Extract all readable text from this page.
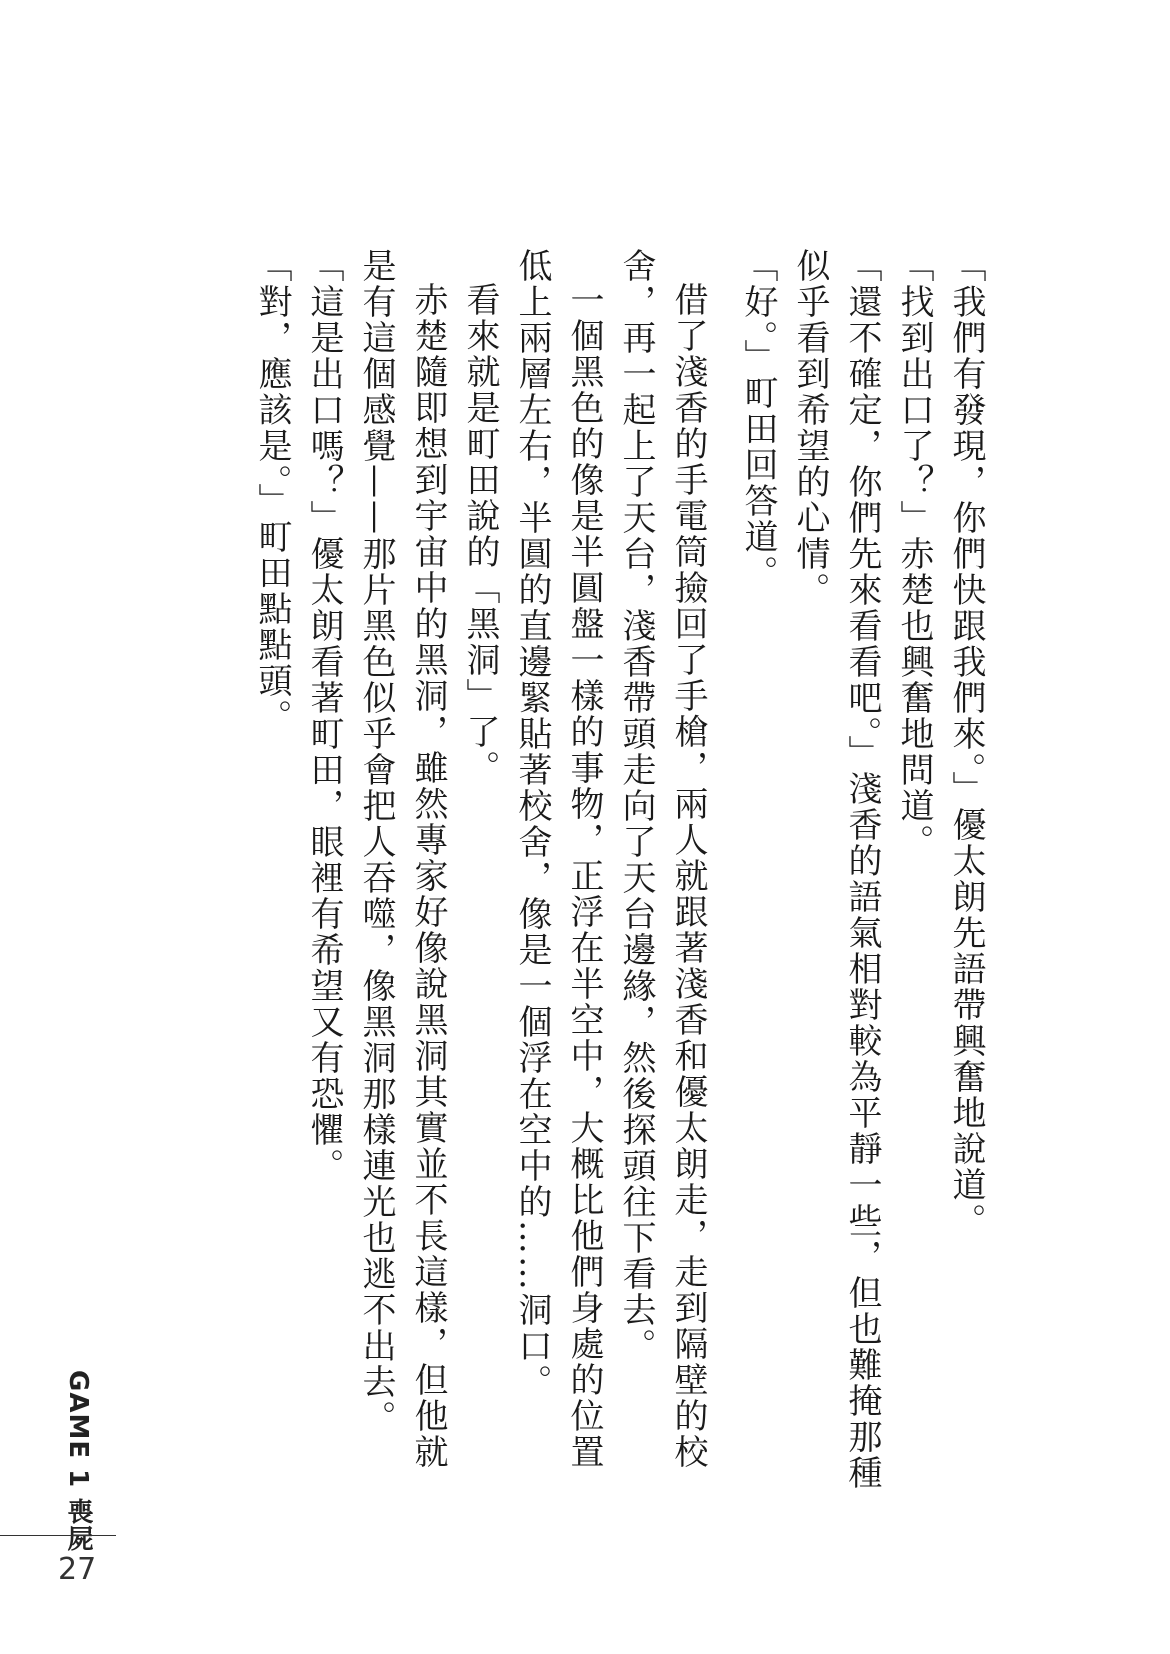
「我們有發現，你們快跟我們來。」優太朗先語帶興奮地說道。

「找到出口了？」赤楚也興奮地問道。

「還不確定，你們先來看看吧。」淺香的語氣相對較為平靜一些，但也難掩那種似乎看到希望的心情。

「好。」町田回答道。

借了淺香的手電筒撿回了手槍，兩人就跟著淺香和優太朗走，走到隔壁的校舍，再一起上了天台，淺香帶頭走向了天台邊緣，然後探頭往下看去。

一個黑色的像是半圓盤一樣的事物，正浮在半空中，大概比他們身處的位置低上兩層左右，半圓的直邊緊貼著校舍，像是一個浮在空中的……洞口。

看來就是町田說的「黑洞」了。

赤楚隨即想到宇宙中的黑洞，雖然專家好像說黑洞其實並不長這樣，但他就是有這個感覺——那片黑色似乎會把人吞噬，像黑洞那樣連光也逃不出去。

「這是出口嗎？」優太朗看著町田，眼裡有希望又有恐懼。

「對，應該是。」町田點點頭。

GAME 1 喪屍
27
